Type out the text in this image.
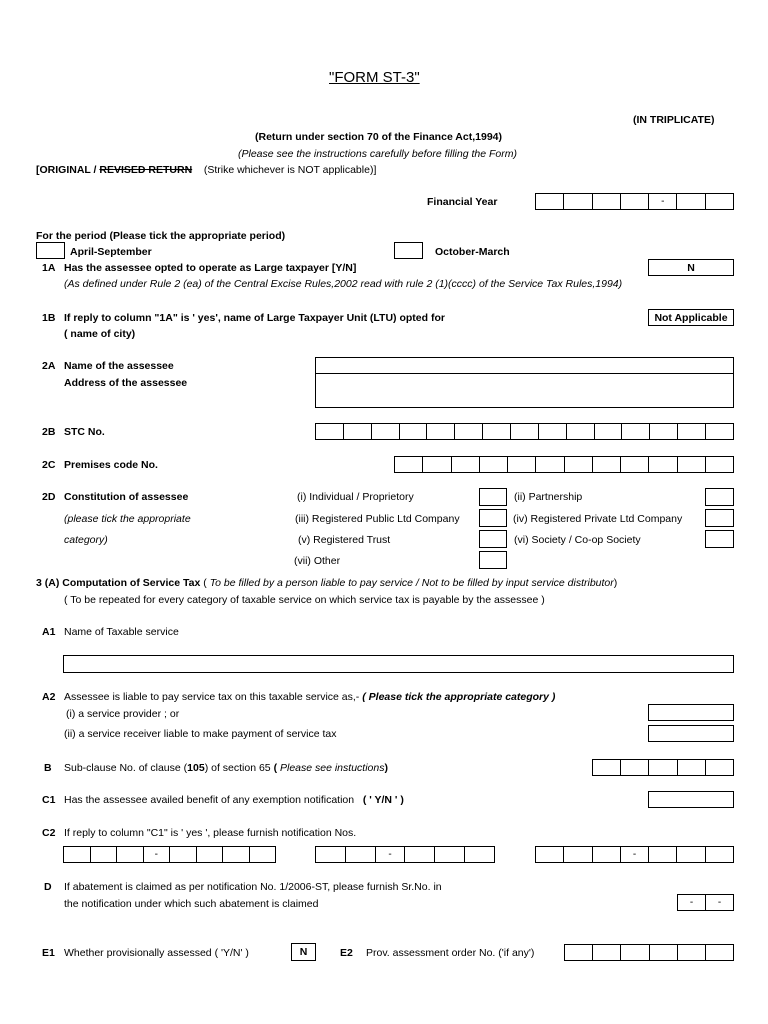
"FORM ST-3"
(IN TRIPLICATE)
(Return under section 70 of the Finance Act,1994)
(Please see the instructions carefully before filling the Form)
[ORIGINAL / REVISED RETURN (Strike whichever is NOT applicable)]
Financial Year	-
For the period (Please tick the appropriate period)
April-September	October-March
1A Has the assessee opted to operate as Large taxpayer [Y/N]
(As defined under Rule 2 (ea) of the Central Excise Rules,2002 read with rule 2 (1)(cccc) of the Service Tax Rules,1994)
N
1B If reply to column "1A" is ' yes', name of Large Taxpayer Unit (LTU) opted for
( name of city)
Not Applicable
2A Name of the assessee
Address of the assessee
2B STC No.
2C Premises code No.
2D Constitution of assessee
(please tick the appropriate
category)
(i) Individual / Proprietory	(ii) Partnership
(iii) Registered Public Ltd Company	(iv) Registered Private Ltd Company
(v) Registered Trust	(vi) Society / Co-op Society
(vii) Other
3 (A) Computation of Service Tax ( To be filled by a person liable to pay service / Not to be filled by input service distributor)
( To be repeated for every category of taxable service on which service tax is payable by the assessee )
A1 Name of Taxable service
A2 Assessee is liable to pay service tax on this taxable service as,- ( Please tick the appropriate category )
(i) a service provider ; or
(ii) a service receiver liable to make payment of service tax
B Sub-clause No. of clause (105) of section 65 ( Please see instuctions)
C1 Has the assessee availed benefit of any exemption notification ( ' Y/N ' )
C2 If reply to column "C1" is ' yes ', please furnish notification Nos.
-	-	-
D If abatement is claimed as per notification No. 1/2006-ST, please furnish Sr.No. in
the notification under which such abatement is claimed	-	-
E1 Whether provisionally assessed ( 'Y/N' )	N	E2 Prov. assessment order No. ('if any')
